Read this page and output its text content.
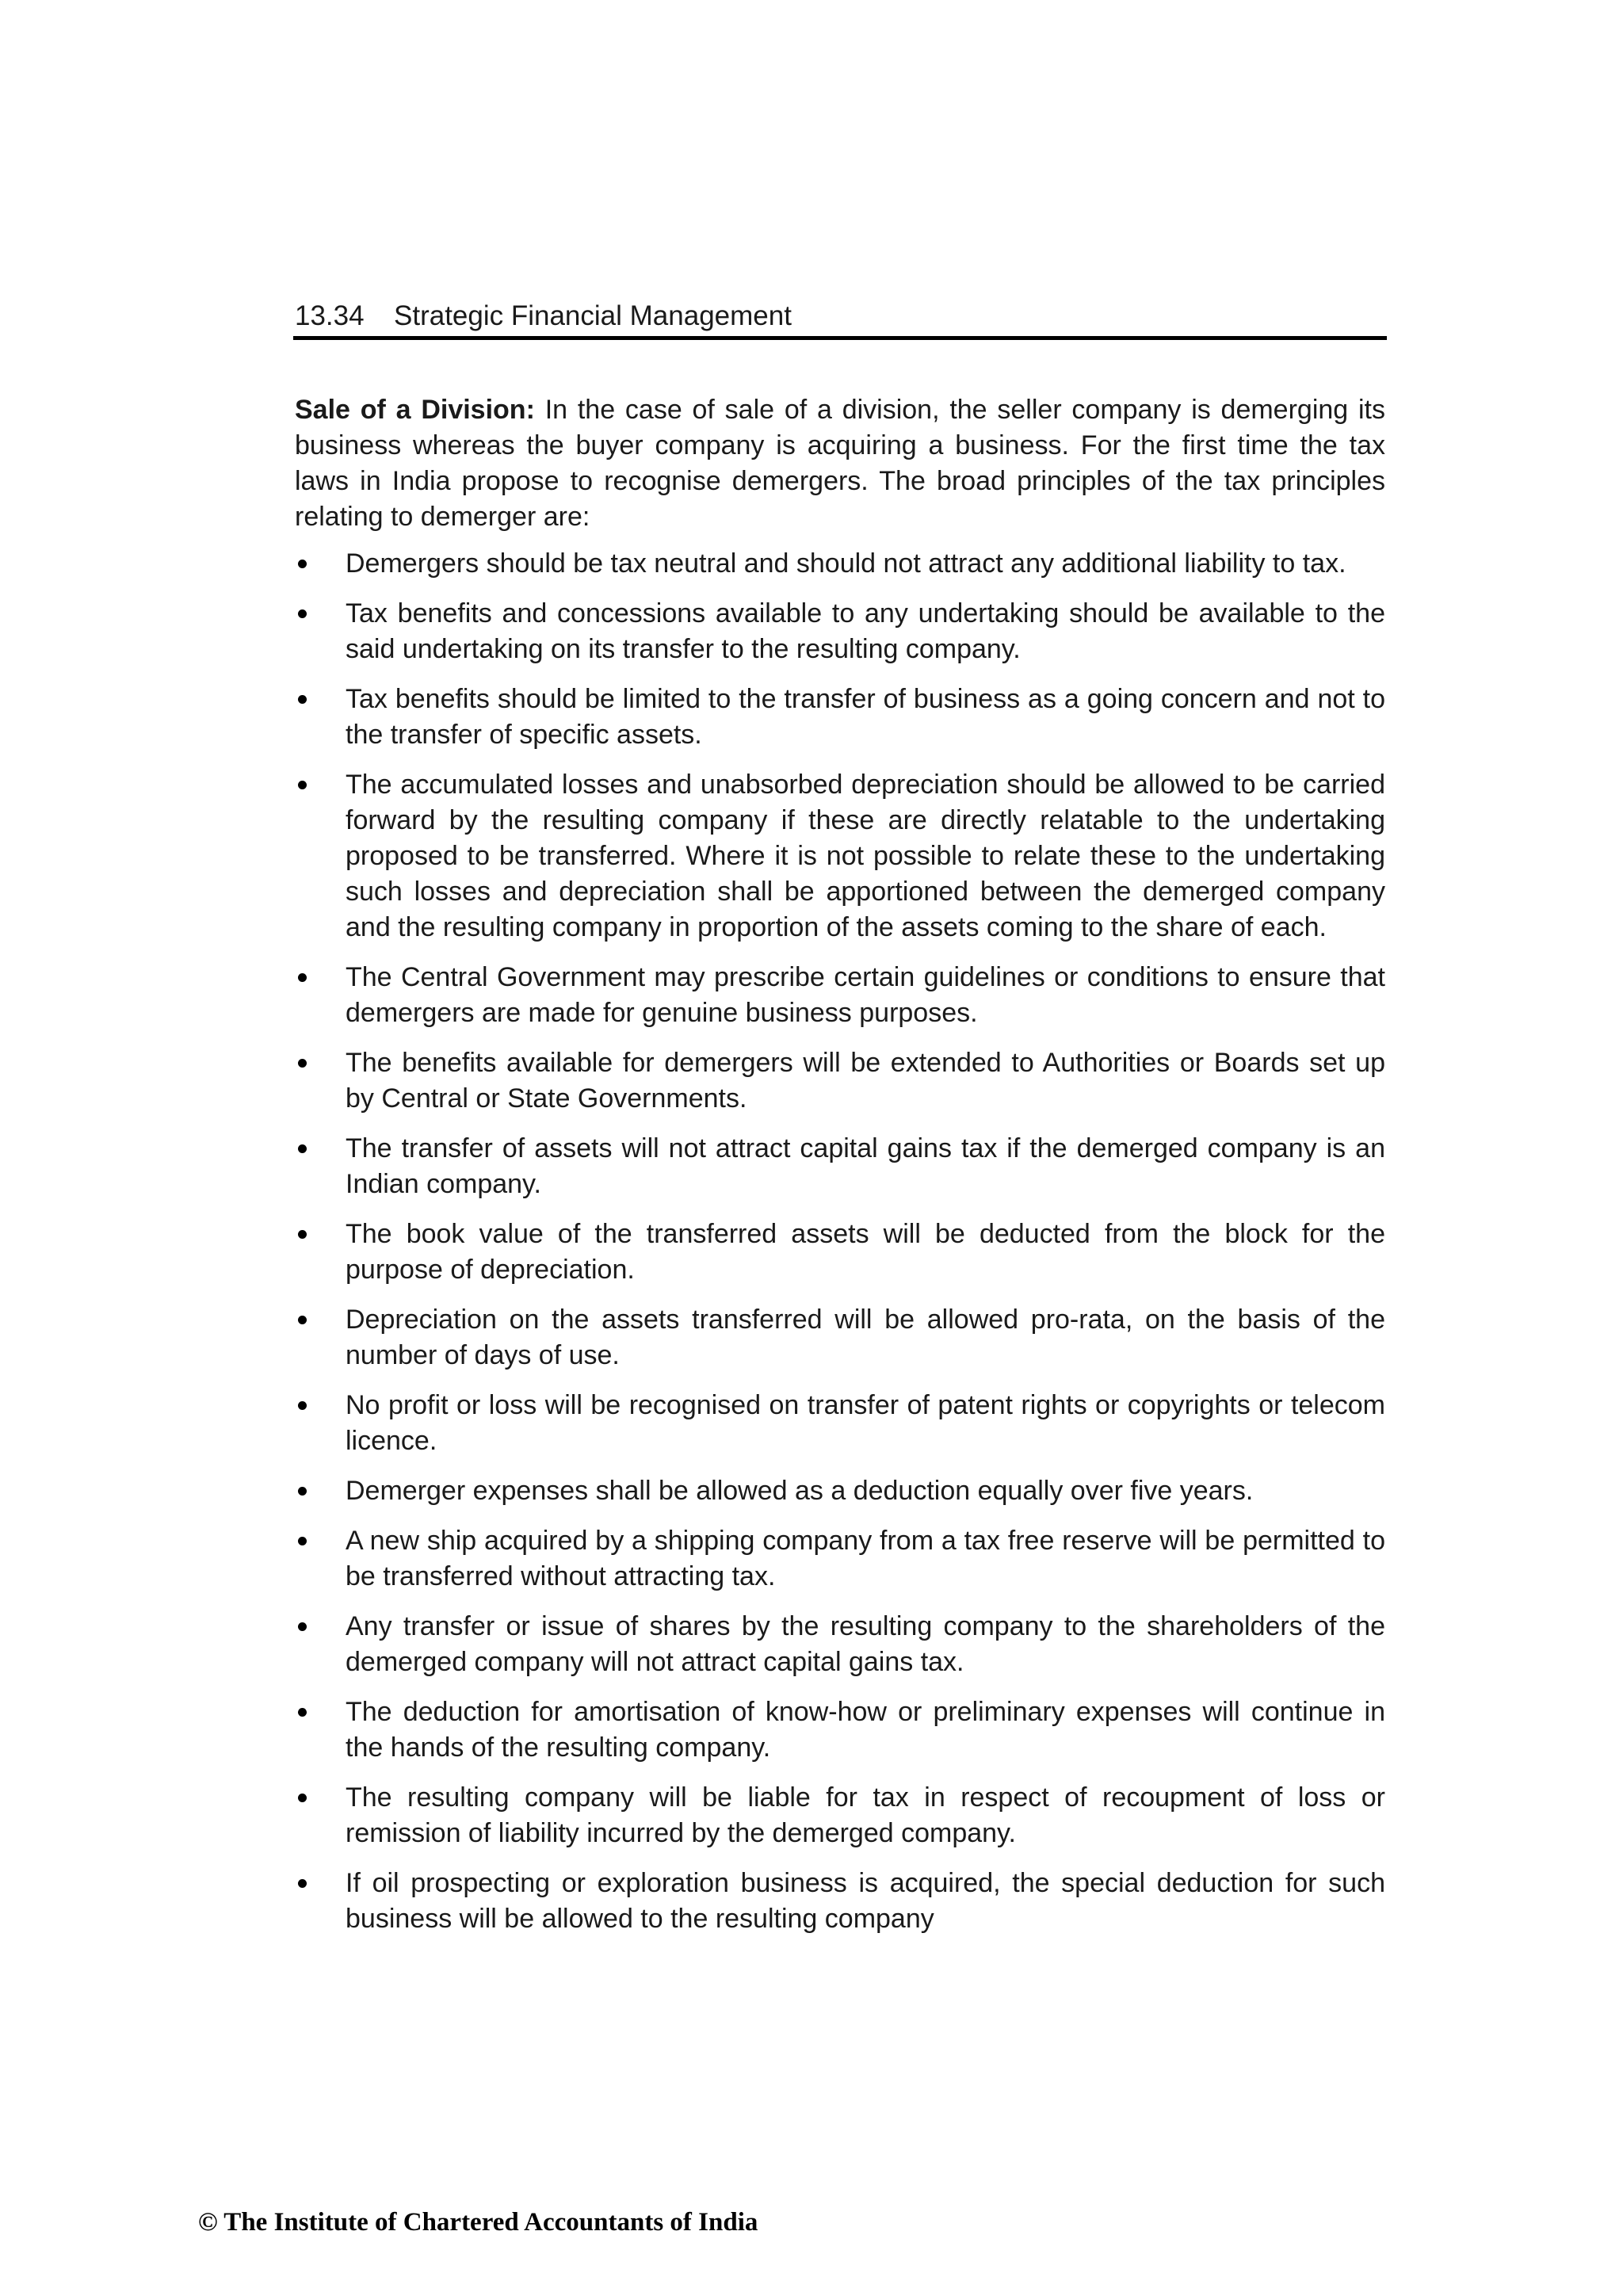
13.34 Strategic Financial Management

Sale of a Division: In the case of sale of a division, the seller company is demerging its business whereas the buyer company is acquiring a business. For the first time the tax laws in India propose to recognise demergers. The broad principles of the tax principles relating to demerger are:

Demergers should be tax neutral and should not attract any additional liability to tax.
Tax benefits and concessions available to any undertaking should be available to the said undertaking on its transfer to the resulting company.
Tax benefits should be limited to the transfer of business as a going concern and not to the transfer of specific assets.
The accumulated losses and unabsorbed depreciation should be allowed to be carried forward by the resulting company if these are directly relatable to the undertaking proposed to be transferred. Where it is not possible to relate these to the undertaking such losses and depreciation shall be apportioned between the demerged company and the resulting company in proportion of the assets coming to the share of each.
The Central Government may prescribe certain guidelines or conditions to ensure that demergers are made for genuine business purposes.
The benefits available for demergers will be extended to Authorities or Boards set up by Central or State Governments.
The transfer of assets will not attract capital gains tax if the demerged company is an Indian company.
The book value of the transferred assets will be deducted from the block for the purpose of depreciation.
Depreciation on the assets transferred will be allowed pro-rata, on the basis of the number of days of use.
No profit or loss will be recognised on transfer of patent rights or copyrights or telecom licence.
Demerger expenses shall be allowed as a deduction equally over five years.
A new ship acquired by a shipping company from a tax free reserve will be permitted to be transferred without attracting tax.
Any transfer or issue of shares by the resulting company to the shareholders of the demerged company will not attract capital gains tax.
The deduction for amortisation of know-how or preliminary expenses will continue in the hands of the resulting company.
The resulting company will be liable for tax in respect of recoupment of loss or remission of liability incurred by the demerged company.
If oil prospecting or exploration business is acquired, the special deduction for such business will be allowed to the resulting company
© The Institute of Chartered Accountants of India
